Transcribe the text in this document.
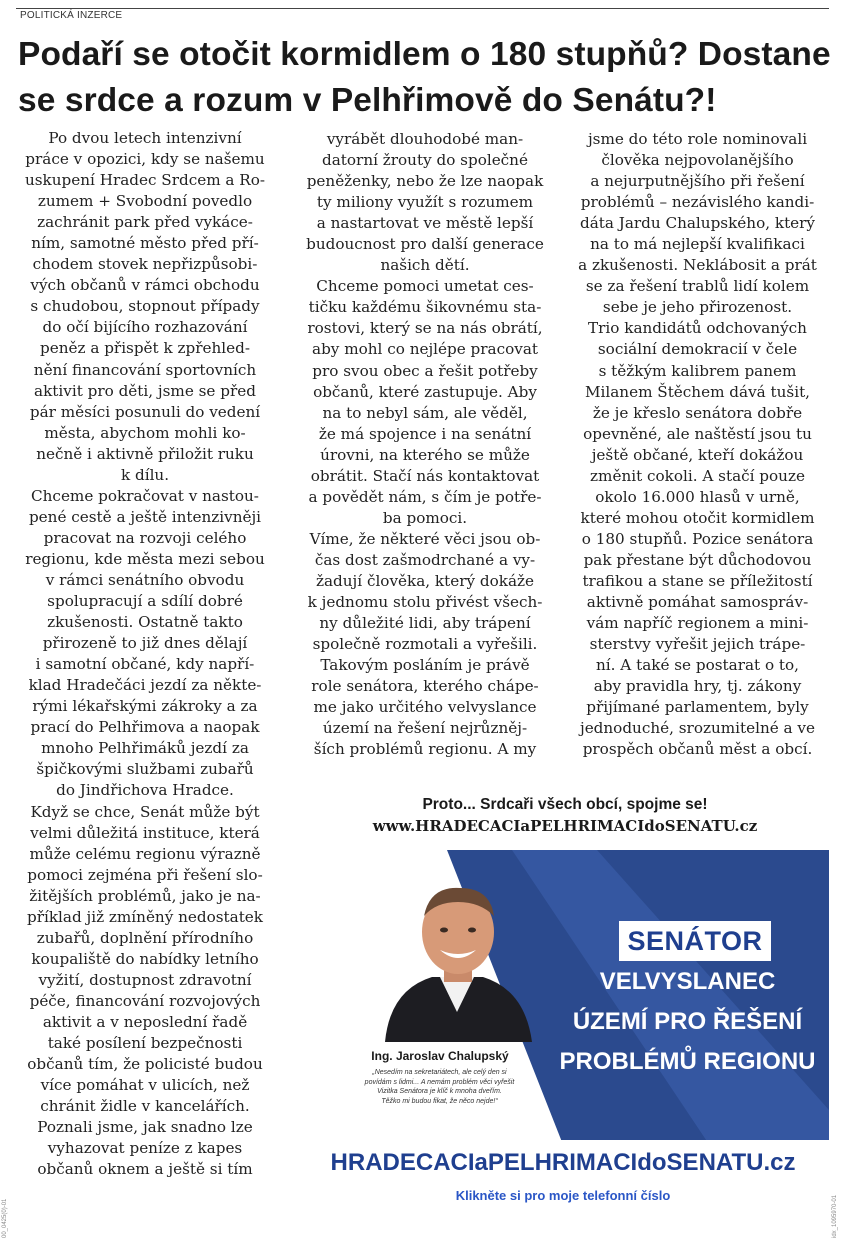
POLITICKÁ INZERCE
Podaří se otočit kormidlem o 180 stupňů? Dostane
se srdce a rozum v Pelhřimově do Senátu?!
Po dvou letech intenzivní
práce v opozici, kdy se našemu
uskupení Hradec Srdcem a Ro-
zumem + Svobodní povedlo
zachránit park před vykáce-
ním, samotné město před pří-
chodem stovek nepřizpůsobi-
vých občanů v rámci obchodu
s chudobou, stopnout případy
do očí bijícího rozhazování
peněz a přispět k zpřehled-
nění financování sportovních
aktivit pro děti, jsme se před
pár měsíci posunuli do vedení
města, abychom mohli ko-
nečně i aktivně přiložit ruku
k dílu.
Chceme pokračovat v nastou-
pené cestě a ještě intenzivněji
pracovat na rozvoji celého
regionu, kde města mezi sebou
v rámci senátního obvodu
spolupracují a sdílí dobré
zkušenosti. Ostatně takto
přirozeně to již dnes dělají
i samotní občané, kdy napří-
klad Hradečáci jezdí za někte-
rými lékařskými zákroky a za
prací do Pelhřimova a naopak
mnoho Pelhřimáků jezdí za
špičkovými službami zubařů
do Jindřichova Hradce.
Když se chce, Senát může být
velmi důležitá instituce, která
může celému regionu výrazně
pomoci zejména při řešení slo-
žitějších problémů, jako je na-
příklad již zmíněný nedostatek
zubařů, doplnění přírodního
koupaliště do nabídky letního
vyžití, dostupnost zdravotní
péče, financování rozvojových
aktivit a v neposlední řadě
také posílení bezpečnosti
občanů tím, že policisté budou
více pomáhat v ulicích, než
chránit židle v kancelářích.
Poznali jsme, jak snadno lze
vyhazovat peníze z kapes
občanů oknem a ještě si tím
vyrábět dlouhodobé man-
datorní žrouty do společné
peněženky, nebo že lze naopak
ty miliony využít s rozumem
a nastartovat ve městě lepší
budoucnost pro další generace
našich dětí.
Chceme pomoci umetat ces-
tičku každému šikovnému sta-
rostovi, který se na nás obrátí,
aby mohl co nejlépe pracovat
pro svou obec a řešit potřeby
občanů, které zastupuje. Aby
na to nebyl sám, ale věděl,
že má spojence i na senátní
úrovni, na kterého se může
obrátit. Stačí nás kontaktovat
a povědět nám, s čím je potře-
ba pomoci.
Víme, že některé věci jsou ob-
čas dost zašmodrchané a vy-
žadují člověka, který dokáže
k jednomu stolu přivést všech-
ny důležité lidi, aby trápení
společně rozmotali a vyřešili.
Takovým posláním je právě
role senátora, kterého chápe-
me jako určitého velvyslance
území na řešení nejrůzněj-
ších problémů regionu. A my
jsme do této role nominovali
člověka nejpovolanějšího
a nejurputnějšího při řešení
problémů – nezávislého kandi-
dáta Jardu Chalupského, který
na to má nejlepší kvalifikaci
a zkušenosti. Neklábosit a prát
se za řešení trablů lidí kolem
sebe je jeho přirozenost.
Trio kandidátů odchovaných
sociální demokracií v čele
s těžkým kalibrem panem
Milanem Štěchem dává tušit,
že je křeslo senátora dobře
opevněné, ale naštěstí jsou tu
ještě občané, kteří dokážou
změnit cokoli. A stačí pouze
okolo 16.000 hlasů v urně,
které mohou otočit kormidlem
o 180 stupňů. Pozice senátora
pak přestane být důchodovou
trafikou a stane se příležitostí
aktivně pomáhat samospráv-
vám napříč regionem a mini-
sterstvy vyřešit jejich trápe-
ní. A také se postarat o to,
aby pravidla hry, tj. zákony
přijímané parlamentem, byly
jednoduché, srozumitelné a ve
prospěch občanů měst a obcí.
Proto... Srdcaři všech obcí, spojme se!
www.HRADECACIaPELHRIMACIdoSENATU.cz
SENÁTOR
VELVYSLANEC
ÚZEMÍ PRO ŘEŠENÍ
PROBLÉMŮ REGIONU
Ing. Jaroslav Chalupský
„Nesedím na sekretariátech, ale celý den si
povídám s lidmi... A nemám problém věci vyřešit
Vizitka Senátora je klíč k mnoha dveřím.
Těžko mi budou fikat, že něco nejde!“
HRADECACIaPELHRIMACIdoSENATU.cz
Klikněte si pro moje telefonní číslo
00_0425(0)-01	idx_1095970-01
